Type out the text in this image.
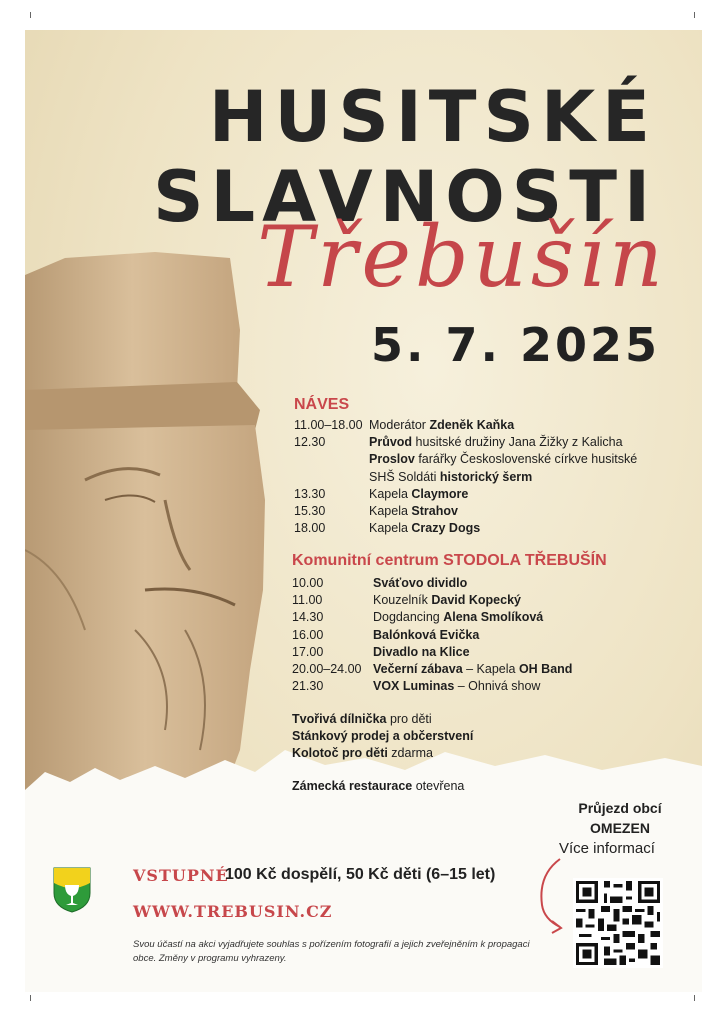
HUSITSKÉ
SLAVNOSTI
Třebušín
5. 7. 2025
NÁVES
11.00–18.00 Moderátor Zdeněk Kaňka
12.30	Průvod husitské družiny Jana Žižky z Kalicha
Proslov farářky Československé církve husitské
SHŠ Soldáti historický šerm
13.30	Kapela Claymore
15.30	Kapela Strahov
18.00	Kapela Crazy Dogs
Komunitní centrum STODOLA TŘEBUŠÍN
10.00	Sváťovo dividlo
11.00	Kouzelník David Kopecký
14.30	Dogdancing Alena Smolíková
16.00	Balónková Evička
17.00	Divadlo na Klice
20.00–24.00 Večerní zábava – Kapela OH Band
21.30	VOX Luminas – Ohnivá show
Tvořivá dílnička pro děti
Stánkový prodej a občerstvení
Kolotoč pro děti zdarma
Zámecká restaurace otevřena
Průjezd obcí
OMEZEN
Více informací
VSTUPNÉ
100 Kč dospělí, 50 Kč děti (6–15 let)
WWW.TREBUSIN.CZ
Svou účastí na akci vyjadřujete souhlas s pořízením fotografií a jejich zveřejněním k propagaci obce. Změny v programu vyhrazeny.
